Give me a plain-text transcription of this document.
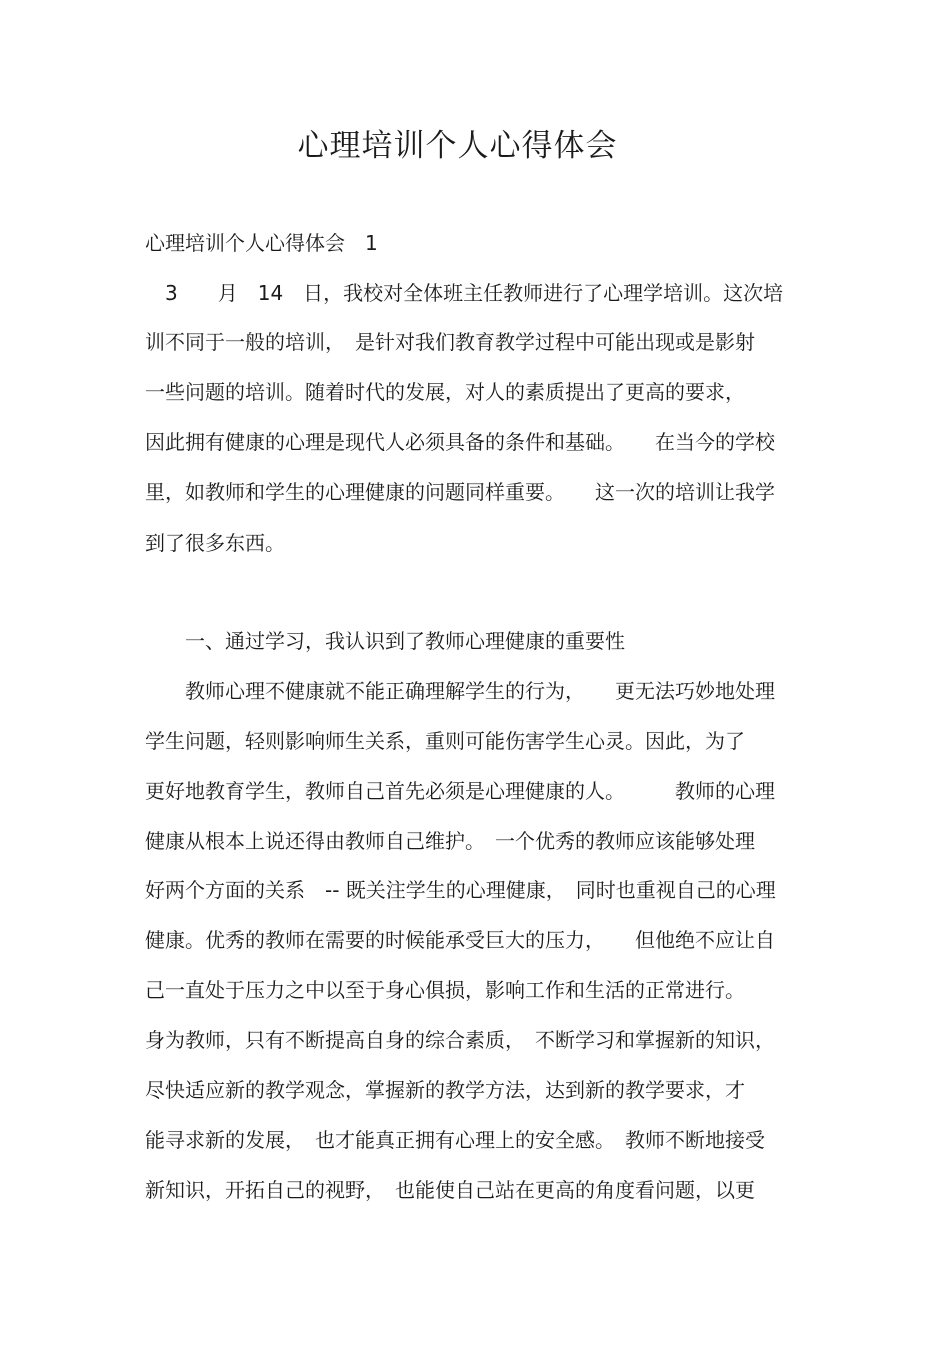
心理培训个人心得体会
心理培训个人心得体会　1
　3　　月　14　日，我校对全体班主任教师进行了心理学培训。这次培
训不同于一般的培训，　是针对我们教育教学过程中可能出现或是影射
一些问题的培训。随着时代的发展，对人的素质提出了更高的要求，
因此拥有健康的心理是现代人必须具备的条件和基础。　　在当今的学校
里，如教师和学生的心理健康的问题同样重要。　　这一次的培训让我学
到了很多东西。
　　一、通过学习，我认识到了教师心理健康的重要性
　　教师心理不健康就不能正确理解学生的行为，　　更无法巧妙地处理
学生问题，轻则影响师生关系，重则可能伤害学生心灵。因此，为了
更好地教育学生，教师自己首先必须是心理健康的人。　　　教师的心理
健康从根本上说还得由教师自己维护。　一个优秀的教师应该能够处理
好两个方面的关系　-- 既关注学生的心理健康，　同时也重视自己的心理
健康。优秀的教师在需要的时候能承受巨大的压力，　　但他绝不应让自
己一直处于压力之中以至于身心俱损，影响工作和生活的正常进行。
身为教师，只有不断提高自身的综合素质，　不断学习和掌握新的知识，
尽快适应新的教学观念，掌握新的教学方法，达到新的教学要求，才
能寻求新的发展，　也才能真正拥有心理上的安全感。　教师不断地接受
新知识，开拓自己的视野，　也能使自己站在更高的角度看问题，以更
